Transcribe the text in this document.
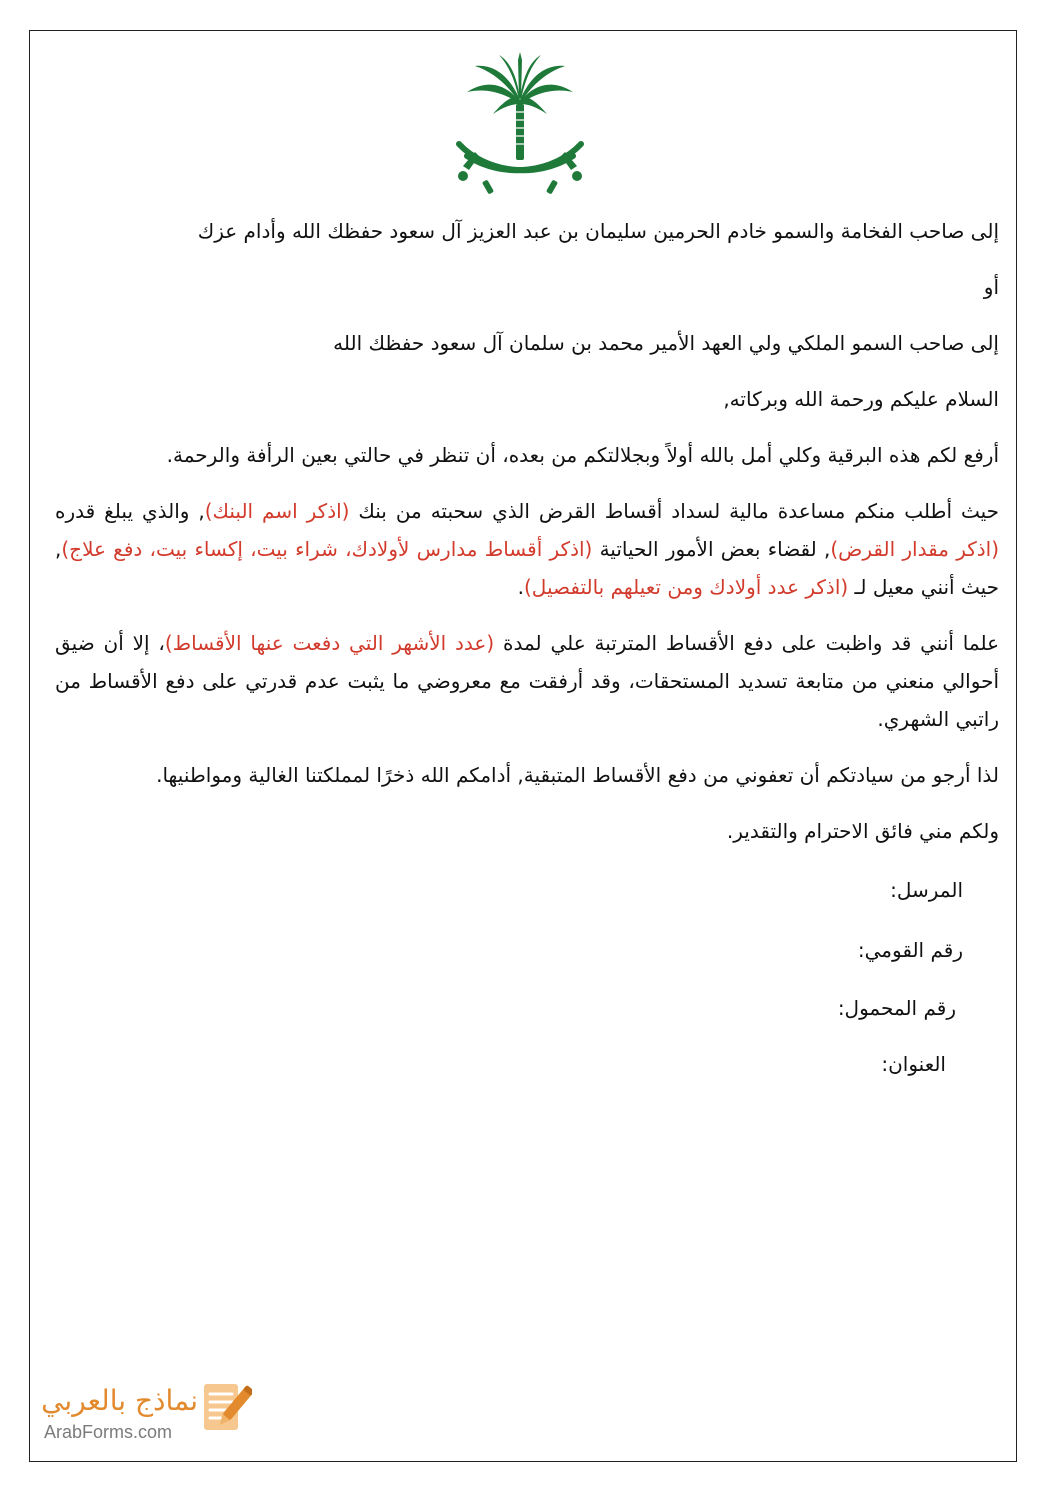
إلى صاحب الفخامة والسمو خادم الحرمين سليمان بن عبد العزيز آل سعود حفظك الله وأدام عزك

أو

إلى صاحب السمو الملكي ولي العهد الأمير محمد بن سلمان آل سعود حفظك الله

السلام عليكم ورحمة الله وبركاته,

أرفع لكم هذه البرقية وكلي أمل بالله أولاً وبجلالتكم من بعده، أن تنظر في حالتي بعين الرأفة والرحمة.

حيث أطلب منكم مساعدة مالية لسداد أقساط القرض الذي سحبته من بنك (اذكر اسم البنك), والذي يبلغ قدره (اذكر مقدار القرض), لقضاء بعض الأمور الحياتية (اذكر أقساط مدارس لأولادك، شراء بيت، إكساء بيت، دفع علاج), حيث أنني معيل لـ (اذكر عدد أولادك ومن تعيلهم بالتفصيل).

علما أنني قد واظبت على دفع الأقساط المترتبة علي لمدة (عدد الأشهر التي دفعت عنها الأقساط)، إلا أن ضيق أحوالي منعني من متابعة تسديد المستحقات، وقد أرفقت مع معروضي ما يثبت عدم قدرتي على دفع الأقساط من راتبي الشهري.

لذا أرجو من سيادتكم أن تعفوني من دفع الأقساط المتبقية, أدامكم الله ذخرًا لمملكتنا الغالية ومواطنيها.

ولكم مني فائق الاحترام والتقدير.

المرسل:
رقم القومي:
رقم المحمول:
العنوان:
نماذج بالعربي
ArabForms.com
